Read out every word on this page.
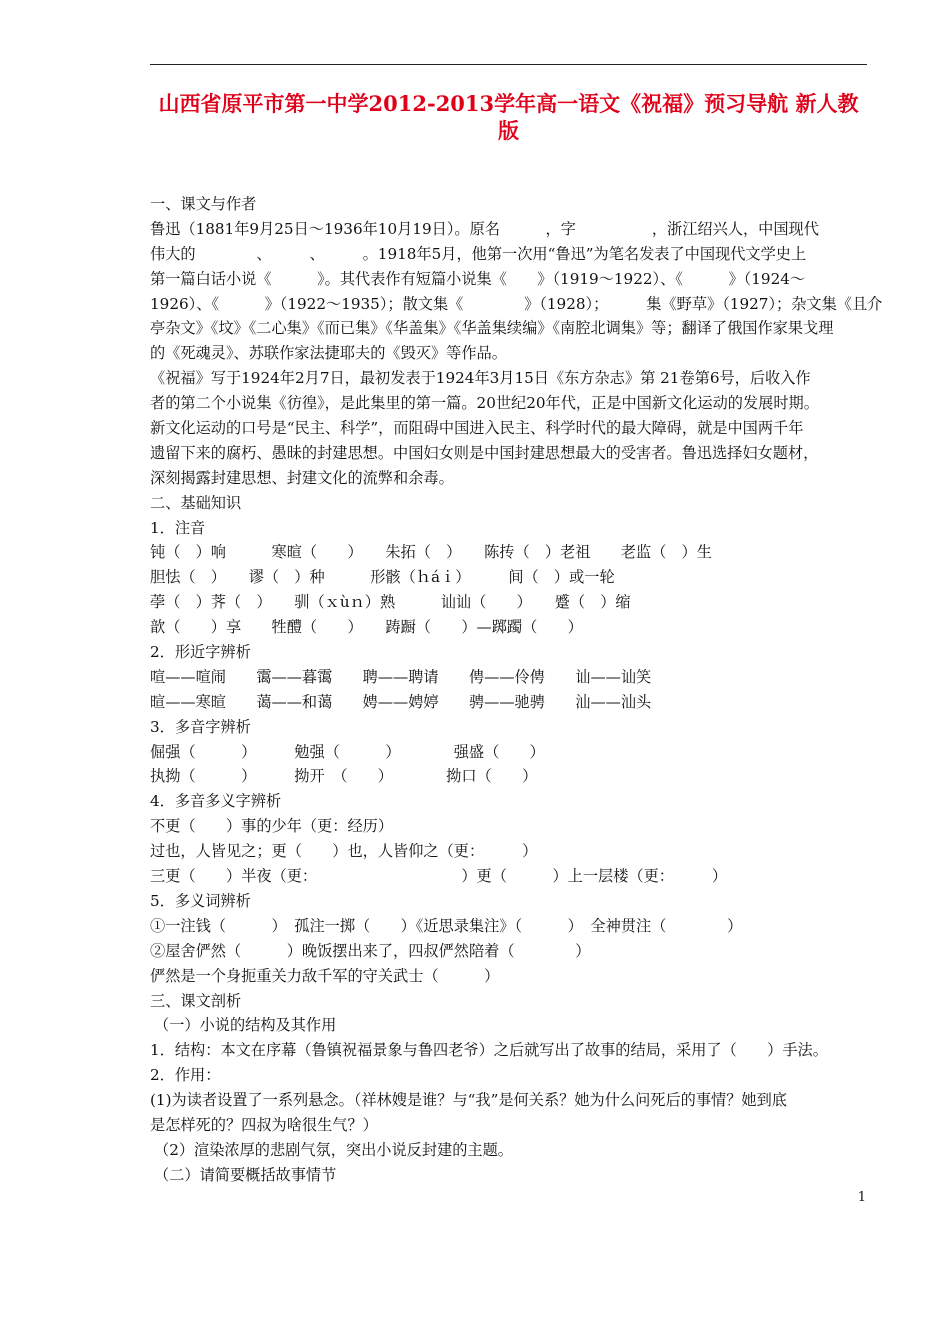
山西省原平市第一中学2012-2013学年高一语文《祝福》预习导航 新人教
版
一、课文与作者
鲁迅（1881年9月25日～1936年10月19日）。原名　　　，字　　　　　，浙江绍兴人，中国现代
伟大的　　　　、　　　、　　　。1918年5月，他第一次用“鲁迅”为笔名发表了中国现代文学史上
第一篇白话小说《　　　》。其代表作有短篇小说集《　　》（1919～1922）、《　　　》（1924～
1926）、《　　　》（1922～1935）；散文集《　　　　》（1928）；　　　集《野草》（1927）；杂文集《且介
亭杂文》《坟》《二心集》《而已集》《华盖集》《华盖集续编》《南腔北调集》等；翻译了俄国作家果戈理
的《死魂灵》、苏联作家法捷耶夫的《毁灭》等作品。
《祝福》写于1924年2月7日，最初发表于1924年3月15日《东方杂志》第 21卷第6号，后收入作
者的第二个小说集《彷徨》，是此集里的第一篇。20世纪20年代，正是中国新文化运动的发展时期。
新文化运动的口号是“民主、科学”，而阻碍中国进入民主、科学时代的最大障碍，就是中国两千年
遗留下来的腐朽、愚昧的封建思想。中国妇女则是中国封建思想最大的受害者。鲁迅选择妇女题材，
深刻揭露封建思想、封建文化的流弊和余毒。
二、基础知识
1．注音
钝（　）响　　　寒暄（　　）　　朱拓（　）　　陈抟（　）老祖　　老监（　）生
胆怯（　）　　谬（　）种　　　形骸（ｈáｉ）　　　间（　）或一轮
荸（　）荠（　）　　驯（ｘùｎ）熟　　　讪讪（　　）　　蹙（　）缩
歆（　　）享　　牲醴（　　）　　踌蹰（　　）—踯躅（　　）
2．形近字辨析
喧——喧闹　　霭——暮霭　　聘——聘请　　俜——伶俜　　讪——讪笑
暄——寒暄　　蔼——和蔼　　娉——娉婷　　骋——驰骋　　汕——汕头
3．多音字辨析
倔强（　　　）　　　勉强（　　　）　　　　强盛（　　）
执拗（　　　）　　　拗开　（　　）　　　　拗口（　　）
4．多音多义字辨析
不更（　　）事的少年（更：经历）
过也，人皆见之；更（　　）也，人皆仰之（更：　　　）
三更（　　）半夜（更：　　　　　　　　　　）更（　　　）上一层楼（更：　　　）
5．多义词辨析
①一注钱（　　　）　孤注一掷（　　）《近思录集注》（　　　）　全神贯注（　　　　）
②屋舍俨然（　　　）晚饭摆出来了，四叔俨然陪着（　　　　）
俨然是一个身扼重关力敌千军的守关武士（　　　）
三、课文剖析
（一）小说的结构及其作用
1．结构：本文在序幕（鲁镇祝福景象与鲁四老爷）之后就写出了故事的结局，采用了（　　）手法。
2．作用：
(1)为读者设置了一系列悬念。（祥林嫂是谁？与“我”是何关系？她为什么问死后的事情？她到底
是怎样死的？四叔为啥很生气？）
（2）渲染浓厚的悲剧气氛，突出小说反封建的主题。
（二）请简要概括故事情节
1
